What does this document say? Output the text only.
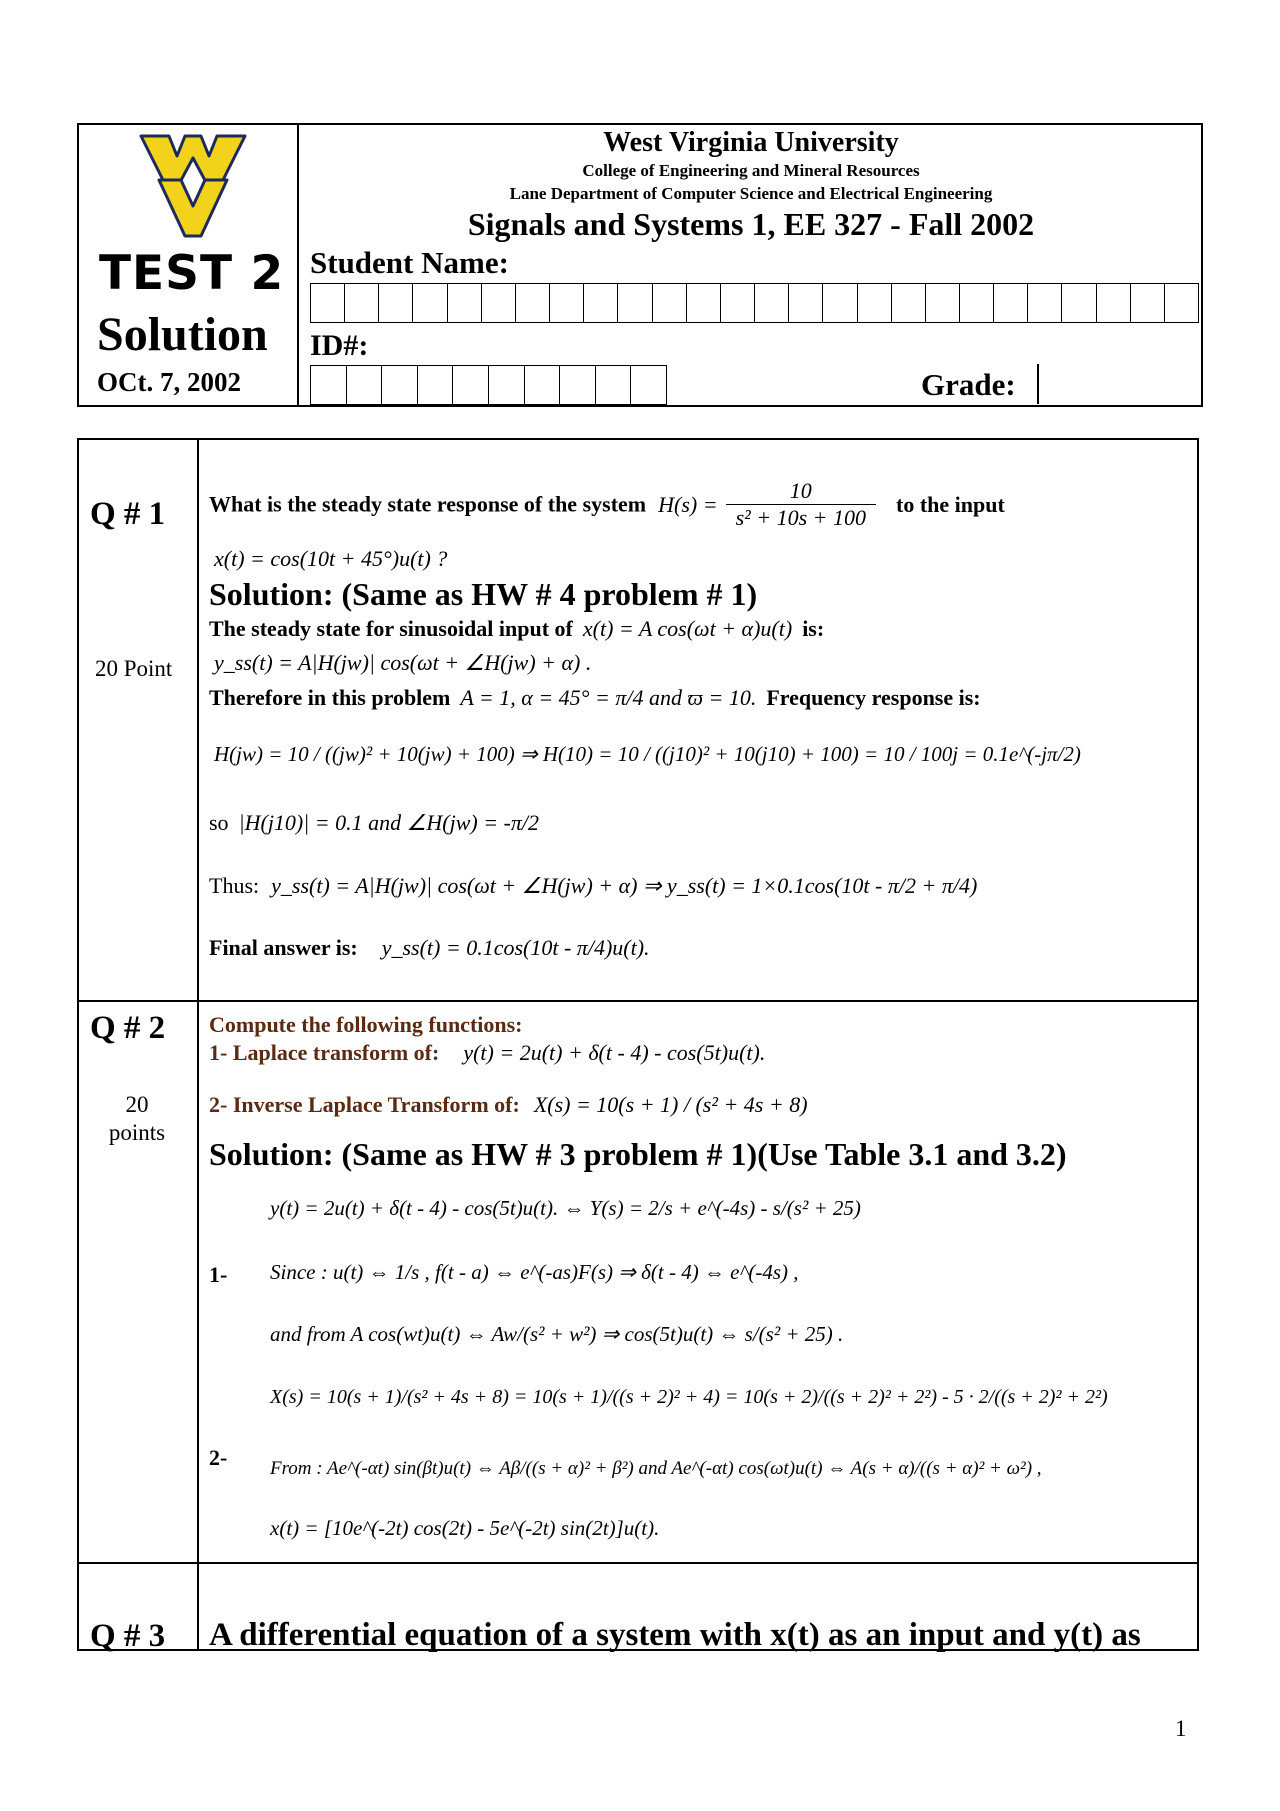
TEST 2
Solution
OCt. 7, 2002
West Virginia University
College of Engineering and Mineral Resources
Lane Department of Computer Science and Electrical Engineering
Signals and Systems 1, EE 327 - Fall 2002
Student Name:
ID#:
Grade:
Q # 1
20 Point
What is the steady state response of the system $H(s) = \frac{10}{\text{s² + 10s + 100}}$ to the input
x(t) = cos(10t + 45°)u(t) ?
Solution: (Same as HW # 4 problem # 1)
The steady state for sinusoidal input of x(t) = A cos(ωt + α)u(t) is:
y_ss(t) = A|H(jw)| cos(ωt + ∠H(jw) + α) .
Therefore in this problem A = 1, α = 45° = π/4 and ϖ = 10. Frequency response is:
H(jw) = 10 / ((jw)² + 10(jw) + 100) ⇒ H(10) = 10 / ((j10)² + 10(j10) + 100) = 10 / 100j = 0.1e^(-jπ/2)
so |H(j10)| = 0.1 and ∠H(jw) = -π/2
Thus: y_ss(t) = A|H(jw)| cos(ωt + ∠H(jw) + α) ⇒ y_ss(t) = 1×0.1cos(10t - π/2 + π/4)
Final answer is: y_ss(t) = 0.1cos(10t - π/4)u(t).
Q # 2
20
points
Compute the following functions:
1- Laplace transform of: y(t) = 2u(t) + δ(t - 4) - cos(5t)u(t).
2- Inverse Laplace Transform of: X(s) = 10(s + 1) / (s² + 4s + 8)
Solution: (Same as HW # 3 problem # 1)(Use Table 3.1 and 3.2)
y(t) = 2u(t) + δ(t - 4) - cos(5t)u(t). ⇔ Y(s) = 2/s + e^(-4s) - s/(s² + 25)
1- Since : u(t) ⇔ 1/s , f(t - a) ⇔ e^(-as)F(s) ⇒ δ(t - 4) ⇔ e^(-4s) ,
and from A cos(wt)u(t) ⇔ Aw/(s² + w²) ⇒ cos(5t)u(t) ⇔ s/(s² + 25) .
X(s) = 10(s + 1)/(s² + 4s + 8) = 10(s + 1)/((s + 2)² + 4) = 10(s + 2)/((s + 2)² + 2²) - 5 · 2/((s + 2)² + 2²)
2- From : Ae^(-αt) sin(βt)u(t) ⇔ Aβ/((s + α)² + β²) and Ae^(-αt) cos(ωt)u(t) ⇔ A(s + α)/((s + α)² + ω²) ,
x(t) = [10e^(-2t) cos(2t) - 5e^(-2t) sin(2t)]u(t).
Q # 3 A differential equation of a system with x(t) as an input and y(t) as
1
